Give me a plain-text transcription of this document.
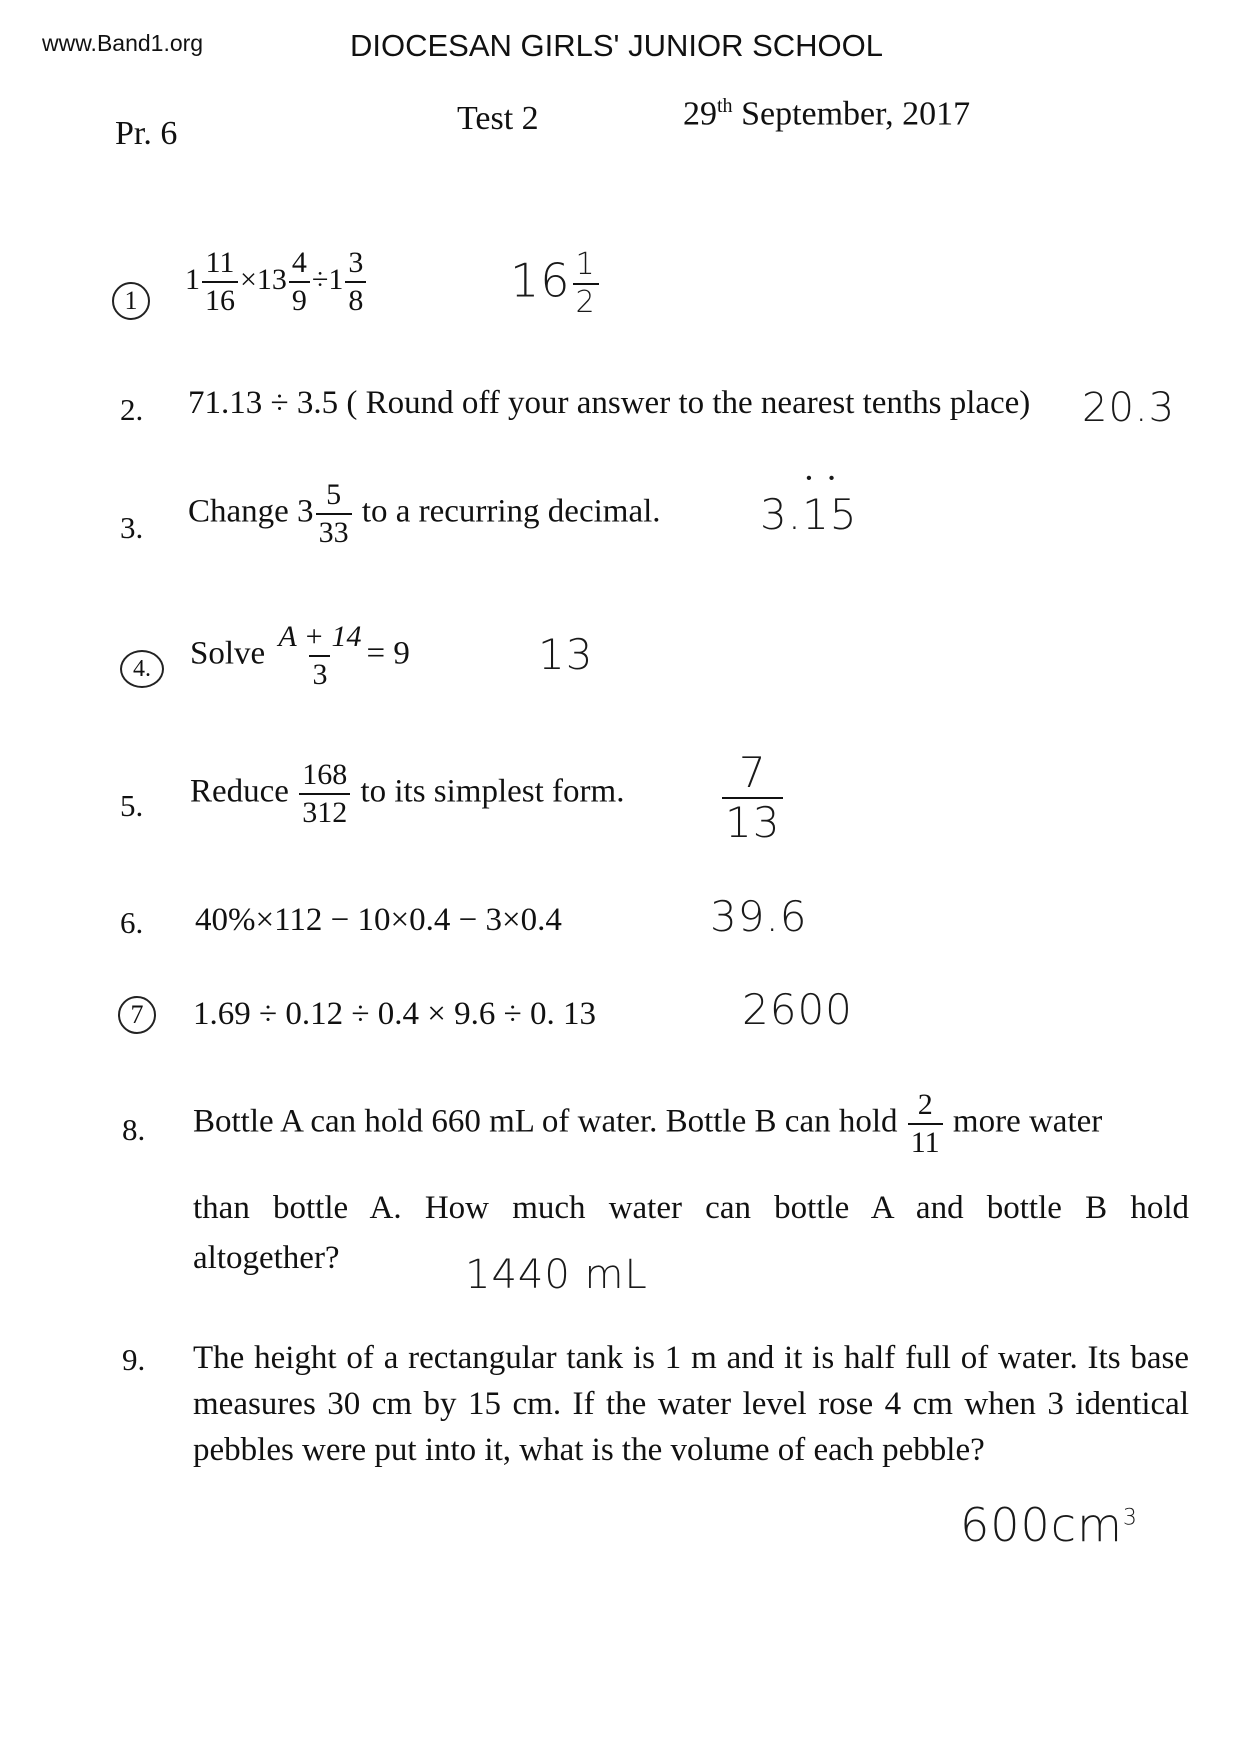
www.Band1.org	DIOCESAN GIRLS' JUNIOR SCHOOL
Pr. 6	Test 2	29th September, 2017
1
$1 \frac{11}{16} \times 13 \frac{4}{9} \div 1 \frac{3}{8}$	$16 \frac{1}{2}$
2. 71.13 ÷ 3.5 ( Round off your answer to the nearest tenths place) 20.3
3. Change $3 \frac{5}{33}$ to a recurring decimal. 3.
• •
15
4.	Solve $\frac{A + 14}{3} = 9$	13
5. Reduce $\frac{168}{312}$ to its simplest form. $\frac{7}{13}$
6. 40%×112 − 10×0.4 − 3×0.4	39.6
7	1.69 ÷ 0.12 ÷ 0.4 × 9.6 ÷ 0. 13	2600
8. Bottle A can hold 660 mL of water. Bottle B can hold $\frac{2}{11}$ more water
than bottle A. How much water can bottle A and bottle B hold
altogether?	1440 mL
9. The height of a rectangular tank is 1 m and it is half full of water. Its base measures 30 cm by 15 cm. If the water level rose 4 cm when 3 identical pebbles were put into it, what is the volume of each pebble?
$600cm^3$
